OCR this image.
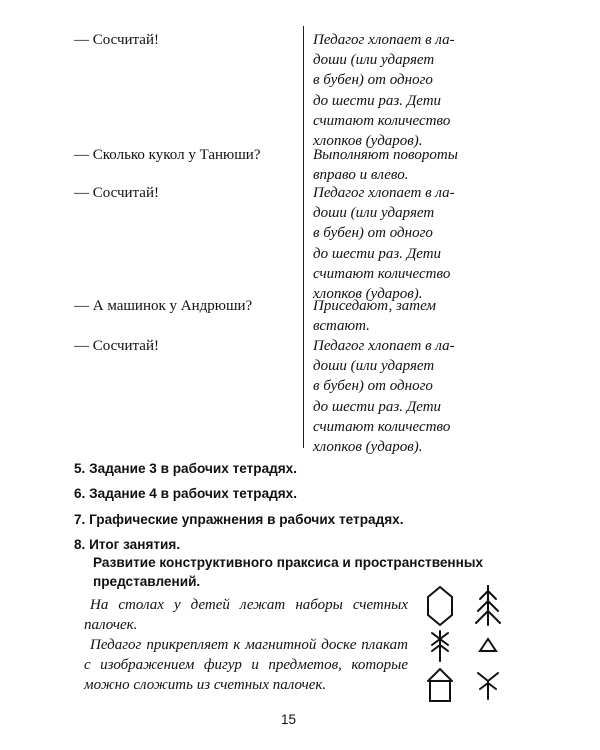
— Сосчитай!	Педагог хлопает в ла-
доши (или ударяет
в бубен) от одного
до шести раз. Дети
считают количество
хлопков (ударов).
— Сколько кукол у Танюши?	Выполняют повороты
вправо и влево.
— Сосчитай!	Педагог хлопает в ла-
доши (или ударяет
в бубен) от одного
до шести раз. Дети
считают количество
хлопков (ударов).
— А машинок у Андрюши?	Приседают, затем
встают.
— Сосчитай!	Педагог хлопает в ла-
доши (или ударяет
в бубен) от одного
до шести раз. Дети
считают количество
хлопков (ударов).
5. Задание 3 в рабочих тетрадях.
6. Задание 4 в рабочих тетрадях.
7. Графические упражнения в рабочих тетрадях.
8. Итог занятия.
Развитие конструктивного праксиса и пространственных
представлений.
На столах у детей лежат наборы счетных палочек.
Педагог прикрепляет к магнитной доске плакат с изображением фигур и предметов, которые можно сложить из счетных палочек.
15
